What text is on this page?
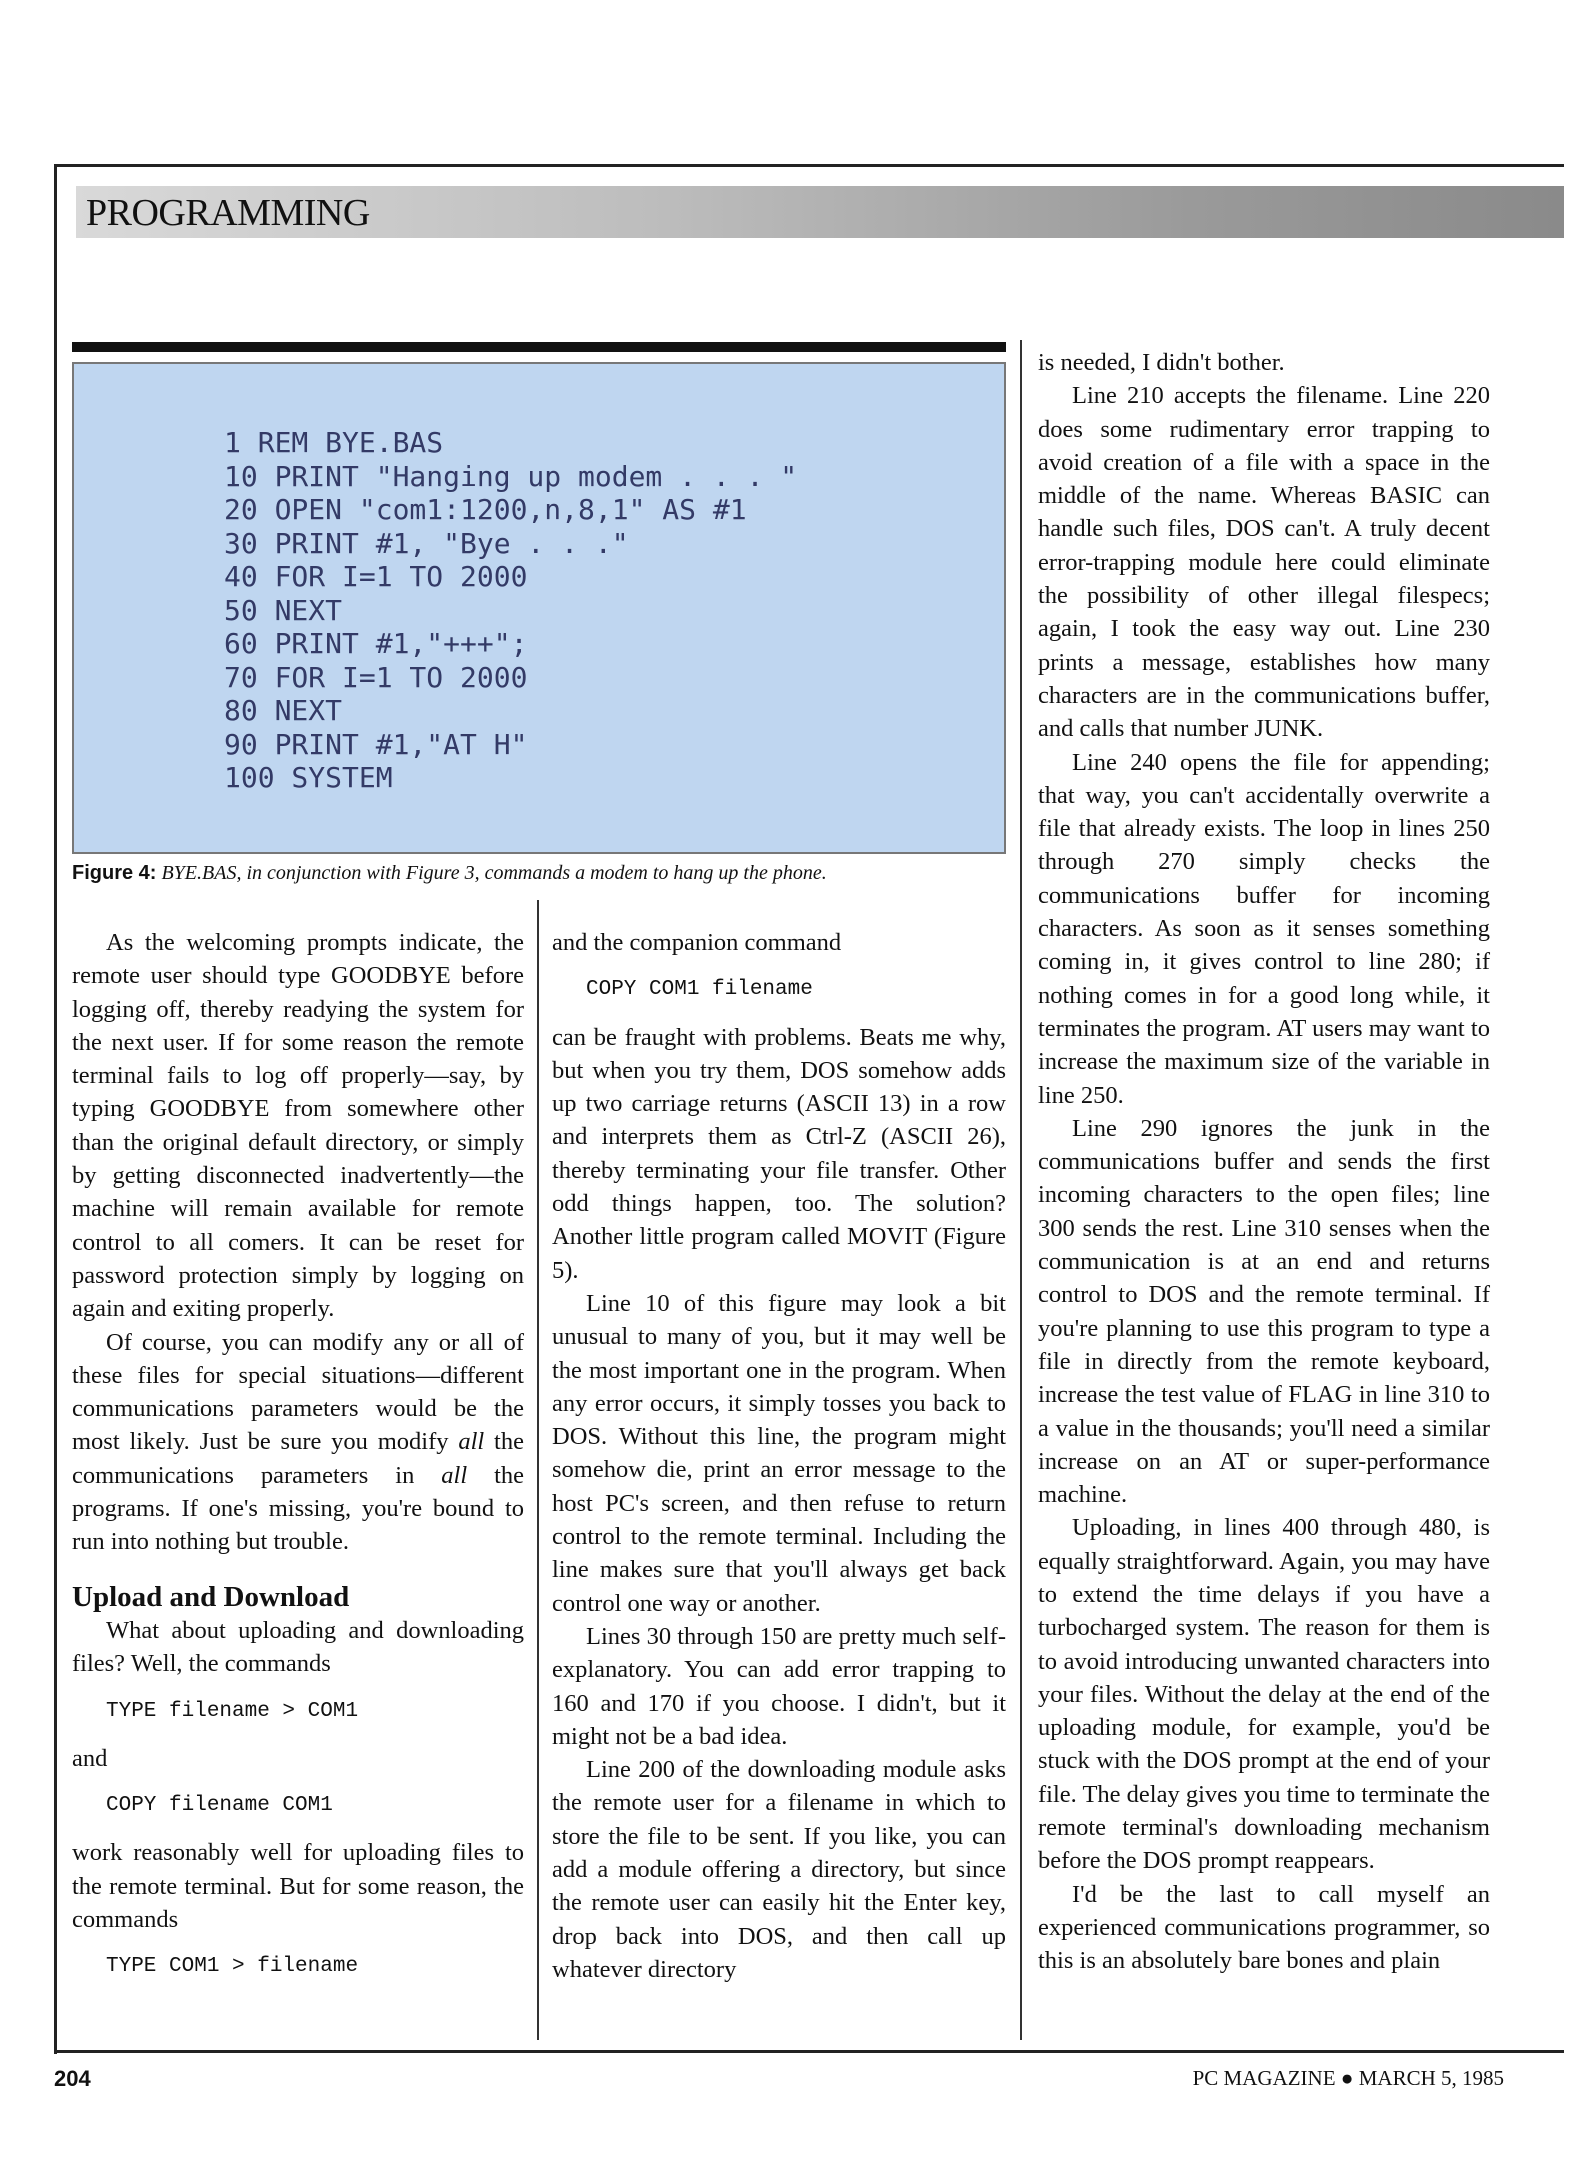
PROGRAMMING
1 REM BYE.BAS
10 PRINT "Hanging up modem . . . "
20 OPEN "com1:1200,n,8,1" AS #1
30 PRINT #1, "Bye . . ."
40 FOR I=1 TO 2000
50 NEXT
60 PRINT #1,"+++";
70 FOR I=1 TO 2000
80 NEXT
90 PRINT #1,"AT H"
100 SYSTEM
Figure 4: BYE.BAS, in conjunction with Figure 3, commands a modem to hang up the phone.

As the welcoming prompts indicate, the remote user should type GOODBYE before logging off, thereby readying the system for the next user. If for some reason the remote terminal fails to log off properly—say, by typing GOODBYE from somewhere other than the original default directory, or simply by getting disconnected inadvertently—the machine will remain available for remote control to all comers. It can be reset for password protection simply by logging on again and exiting properly.

Of course, you can modify any or all of these files for special situations—different communications parameters would be the most likely. Just be sure you modify all the communications parameters in all the programs. If one's missing, you're bound to run into nothing but trouble.

Upload and Download

What about uploading and downloading files? Well, the commands

TYPE filename > COM1

and

COPY filename COM1

work reasonably well for uploading files to the remote terminal. But for some reason, the commands

TYPE COM1 > filename

and the companion command

COPY COM1 filename

can be fraught with problems. Beats me why, but when you try them, DOS somehow adds up two carriage returns (ASCII 13) in a row and interprets them as Ctrl-Z (ASCII 26), thereby terminating your file transfer. Other odd things happen, too. The solution? Another little program called MOVIT (Figure 5).

Line 10 of this figure may look a bit unusual to many of you, but it may well be the most important one in the program. When any error occurs, it simply tosses you back to DOS. Without this line, the program might somehow die, print an error message to the host PC's screen, and then refuse to return control to the remote terminal. Including the line makes sure that you'll always get back control one way or another.

Lines 30 through 150 are pretty much self-explanatory. You can add error trapping to 160 and 170 if you choose. I didn't, but it might not be a bad idea.

Line 200 of the downloading module asks the remote user for a filename in which to store the file to be sent. If you like, you can add a module offering a directory, but since the remote user can easily hit the Enter key, drop back into DOS, and then call up whatever directory

is needed, I didn't bother.

Line 210 accepts the filename. Line 220 does some rudimentary error trapping to avoid creation of a file with a space in the middle of the name. Whereas BASIC can handle such files, DOS can't. A truly decent error-trapping module here could eliminate the possibility of other illegal filespecs; again, I took the easy way out. Line 230 prints a message, establishes how many characters are in the communications buffer, and calls that number JUNK.

Line 240 opens the file for appending; that way, you can't accidentally overwrite a file that already exists. The loop in lines 250 through 270 simply checks the communications buffer for incoming characters. As soon as it senses something coming in, it gives control to line 280; if nothing comes in for a good long while, it terminates the program. AT users may want to increase the maximum size of the variable in line 250.

Line 290 ignores the junk in the communications buffer and sends the first incoming characters to the open files; line 300 sends the rest. Line 310 senses when the communication is at an end and returns control to DOS and the remote terminal. If you're planning to use this program to type a file in directly from the remote keyboard, increase the test value of FLAG in line 310 to a value in the thousands; you'll need a similar increase on an AT or super-performance machine.

Uploading, in lines 400 through 480, is equally straightforward. Again, you may have to extend the time delays if you have a turbocharged system. The reason for them is to avoid introducing unwanted characters into your files. Without the delay at the end of the uploading module, for example, you'd be stuck with the DOS prompt at the end of your file. The delay gives you time to terminate the remote terminal's downloading mechanism before the DOS prompt reappears.

I'd be the last to call myself an experienced communications programmer, so this is an absolutely bare bones and plain

204	PC MAGAZINE ● MARCH 5, 1985
